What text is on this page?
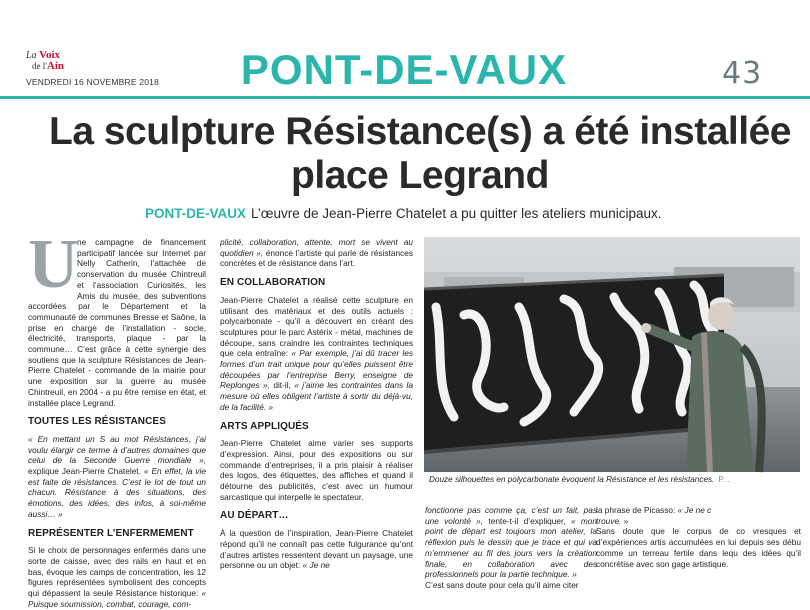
La Voix
de l'Ain
VENDREDI 16 NOVEMBRE 2018	PONT-DE-VAUX	43
La sculpture Résistance(s) a été installée
place Legrand
PONT-DE-VAUX L’œuvre de Jean-Pierre Chatelet a pu quitter les ateliers municipaux.
U

ne campagne de financement participatif lancée sur Internet par Nelly Catherin, l’attachée de conservation du musée Chintreuil et l’association Curiosités, les Amis du musée, des subventions accordées par le Département et la communauté de communes Bresse et Saône, la prise en charge de l’installation - socle, électricité, transports, plaque - par la commune… C’est grâce à cette synergie des soutiens que la sculpture Résistances de Jean-Pierre Chatelet - commande de la mairie pour une exposition sur la guerre au musée Chintreuil, en 2004 - a pu être remise en état, et installée place Legrand.

TOUTES LES RÉSISTANCES

« En mettant un S au mot Résistances, j’ai voulu élargir ce terme à d’autres domaines que celui de la Seconde Guerre mondiale », explique Jean-Pierre Chatelet. « En effet, la vie est faite de résistances. C’est le lot de tout un chacun. Résistance à des situations, des émotions, des idées, des infos, à soi-même aussi… »

REPRÉSENTER L’ENFERMEMENT

Si le choix de personnages enfermés dans une sorte de caisse, avec des rails en haut et en bas, évoque les camps de concentration, les 12 figures représentées symbolisent des concepts qui dépassent la seule Résistance historique: « Puisque soumission, combat, courage, com-

plicité, collaboration, attente, mort se vivent au quotidien », énonce l’artiste qui parle de résistances concrètes et de résistance dans l’art.

EN COLLABORATION

Jean-Pierre Chatelet a réalisé cette sculpture en utilisant des matériaux et des outils actuels : polycarbonate - qu’il a découvert en créant des sculptures pour le parc Astérix - métal, machines de découpe, sans craindre les contraintes techniques que cela entraîne: « Par exemple, j’ai dû tracer les formes d’un trait unique pour qu’elles puissent être découpées par l’entreprise Berry, enseigne de Replonges », dit-il, « j’aime les contraintes dans la mesure où elles obligent l’artiste à sortir du déjà-vu, de la facilité. »

ARTS APPLIQUÉS

Jean-Pierre Chatelet aime varier ses supports d’expression. Ainsi, pour des expositions ou sur commande d’entreprises, il a pris plaisir à réaliser des logos, des étiquettes, des affiches et quand il détourne des publicités, c’est avec un humour sarcastique qui interpelle le spectateur.

AU DÉPART…

À la question de l’inspiration, Jean-Pierre Chatelet répond qu’il ne connaît pas cette fulgurance qu’ont d’autres artistes ressentent devant un paysage, une personne ou un objet: « Je ne

Douze silhouettes en polycarbonate évoquent la Résistance et les résistances. P...

fonctionne pas comme ça, c’est un fait, pas une volonté », tente-t-il d’expliquer, « mon point de départ est toujours mon atelier, la réflexion puis le dessin que je trace et qui va m’emmener au fil des jours vers la création finale, en collaboration avec des professionnels pour la partie technique. »

C’est sans doute pour cela qu’il aime citer

la phrase de Picasso: « Je ne c
trouve. »

Sans doute que le corpus de co vresques et d’expériences artis accumulées en lui depuis ses débu comme un terreau fertile dans lequ des idées qu’il concrétise avec son gage artistique.
